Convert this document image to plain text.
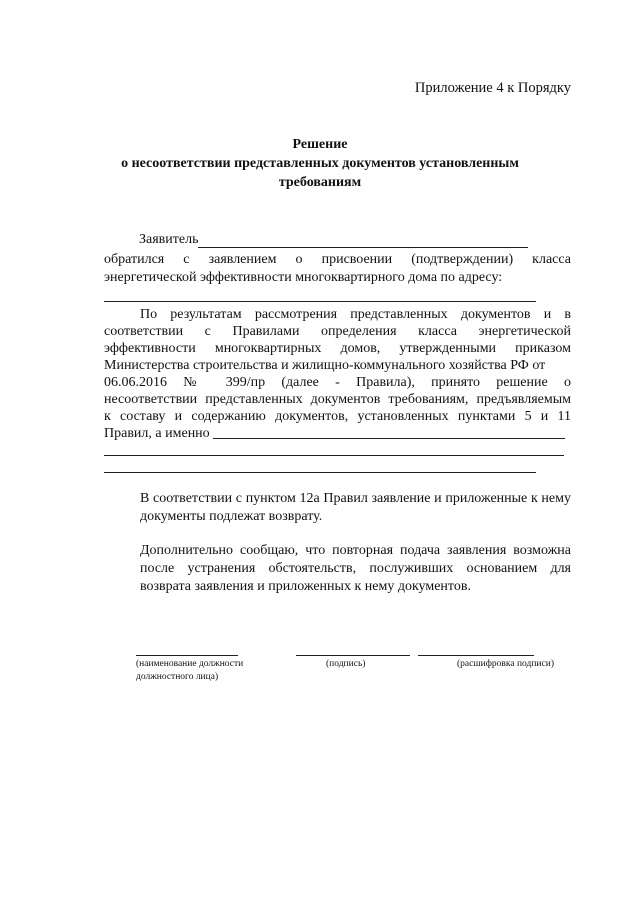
Приложение 4 к Порядку
Решение
о несоответствии представленных документов установленным
требованиям
Заявитель
обратился с заявлением о присвоении (подтверждении) класса
энергетической эффективности многоквартирного дома по адресу:
По результатам рассмотрения представленных документов и в
соответствии с Правилами определения класса энергетической
эффективности многоквартирных домов, утвержденными приказом
Министерства строительства и жилищно-коммунального хозяйства РФ от
06.06.2016 № 399/пр (далее - Правила), принято решение о
несоответствии представленных документов требованиям, предъявляемым
к составу и содержанию документов, установленных пунктами 5 и 11
Правил, а именно
В соответствии с пунктом 12а Правил заявление и приложенные к нему документы подлежат возврату.
Дополнительно сообщаю, что повторная подача заявления возможна после устранения обстоятельств, послуживших основанием для возврата заявления и приложенных к нему документов.
(наименование должности
должностного лица)
(подпись)	(расшифровка подписи)
